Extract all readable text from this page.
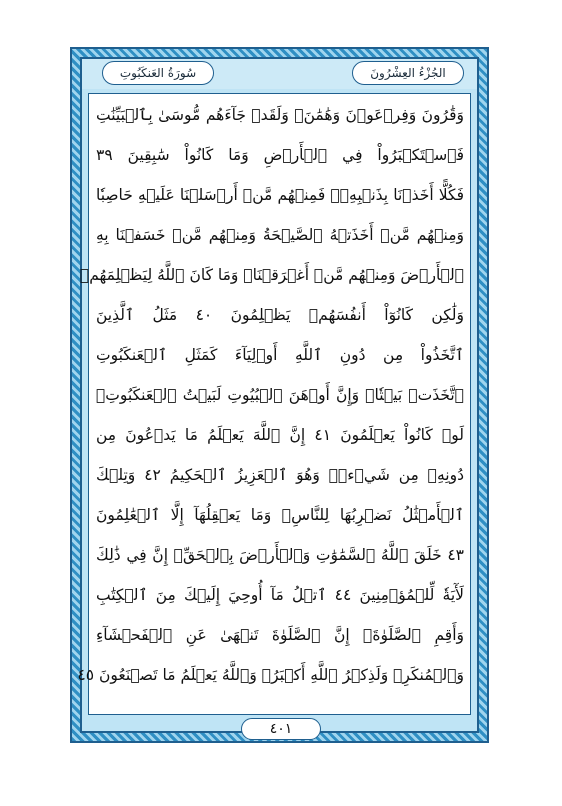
سُورَةُ العَنكَبُوتِ	الجُزْءُ العِشْرُونَ
وَقَٰرُونَ وَفِرۡعَوۡنَ وَهَٰمَٰنَۖ وَلَقَدۡ جَآءَهُم مُّوسَىٰ بِٱلۡبَيِّنَٰتِ
فَٱسۡتَكۡبَرُواْ فِي ٱلۡأَرۡضِ وَمَا كَانُواْ سَٰبِقِينَ ٣٩
فَكُلًّا أَخَذۡنَا بِذَنۢبِهِۦۖ فَمِنۡهُم مَّنۡ أَرۡسَلۡنَا عَلَيۡهِ حَاصِبٗا
وَمِنۡهُم مَّنۡ أَخَذَتۡهُ ٱلصَّيۡحَةُ وَمِنۡهُم مَّنۡ خَسَفۡنَا بِهِ
ٱلۡأَرۡضَ وَمِنۡهُم مَّنۡ أَغۡرَقۡنَاۚ وَمَا كَانَ ٱللَّهُ لِيَظۡلِمَهُمۡ
وَلَٰكِن كَانُوٓاْ أَنفُسَهُمۡ يَظۡلِمُونَ ٤٠ مَثَلُ ٱلَّذِينَ
ٱتَّخَذُواْ مِن دُونِ ٱللَّهِ أَوۡلِيَآءَ كَمَثَلِ ٱلۡعَنكَبُوتِ
ٱتَّخَذَتۡ بَيۡتٗاۖ وَإِنَّ أَوۡهَنَ ٱلۡبُيُوتِ لَبَيۡتُ ٱلۡعَنكَبُوتِۚ
لَوۡ كَانُواْ يَعۡلَمُونَ ٤١ إِنَّ ٱللَّهَ يَعۡلَمُ مَا يَدۡعُونَ مِن
دُونِهِۦ مِن شَيۡءٖۚ وَهُوَ ٱلۡعَزِيزُ ٱلۡحَكِيمُ ٤٢ وَتِلۡكَ
ٱلۡأَمۡثَٰلُ نَضۡرِبُهَا لِلنَّاسِۖ وَمَا يَعۡقِلُهَآ إِلَّا ٱلۡعَٰلِمُونَ
٤٣ خَلَقَ ٱللَّهُ ٱلسَّمَٰوَٰتِ وَٱلۡأَرۡضَ بِٱلۡحَقِّۚ إِنَّ فِي ذَٰلِكَ
لَأٓيَةٗ لِّلۡمُؤۡمِنِينَ ٤٤ ٱتۡلُ مَآ أُوحِيَ إِلَيۡكَ مِنَ ٱلۡكِتَٰبِ
وَأَقِمِ ٱلصَّلَوٰةَۖ إِنَّ ٱلصَّلَوٰةَ تَنۡهَىٰ عَنِ ٱلۡفَحۡشَآءِ
وَٱلۡمُنكَرِۗ وَلَذِكۡرُ ٱللَّهِ أَكۡبَرُۗ وَٱللَّهُ يَعۡلَمُ مَا تَصۡنَعُونَ ٤٥
٤٠١
